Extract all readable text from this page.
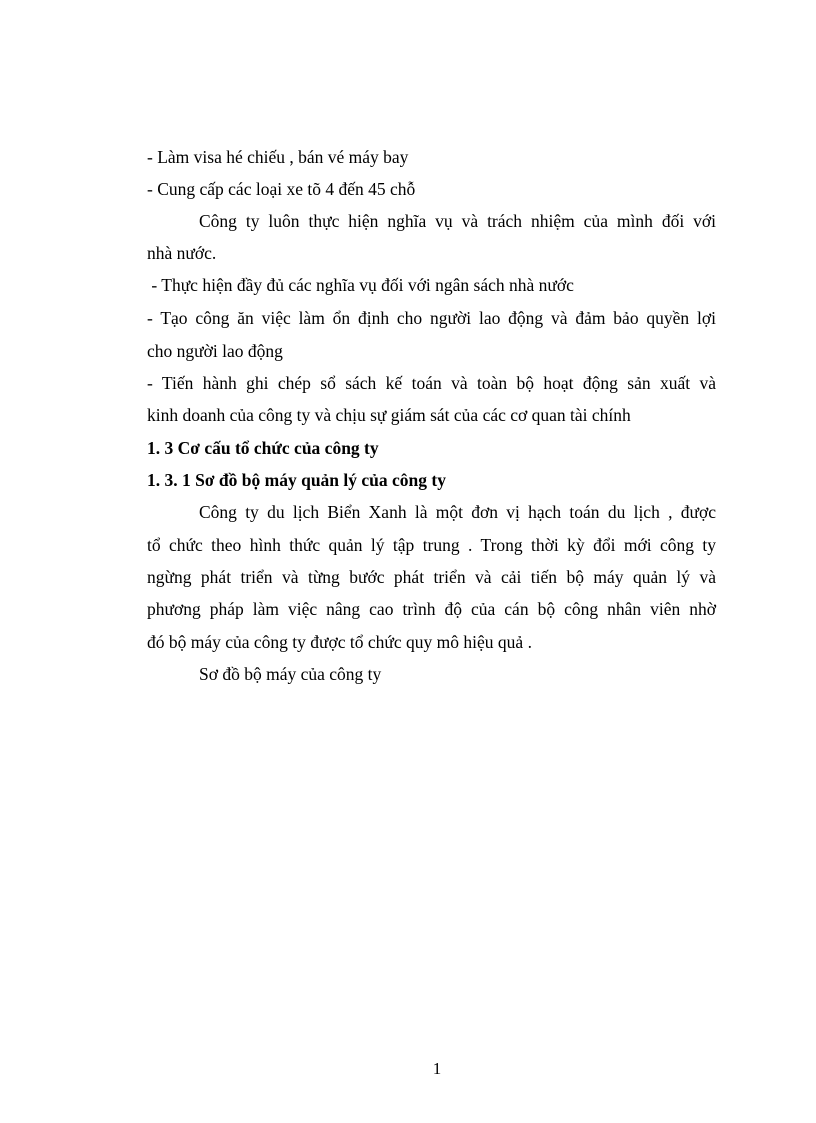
- Làm visa hé chiếu , bán vé máy bay
- Cung cấp các loại xe tõ 4 đến 45 chỗ
Công ty luôn thực hiện nghĩa vụ và trách nhiệm của mình đối với
nhà nước.
- Thực hiện đầy đủ các nghĩa vụ đối với ngân sách nhà nước
- Tạo công ăn việc làm ổn định cho người lao động và đảm bảo quyền lợi
cho người lao động
- Tiến hành ghi chép sổ sách kế toán và toàn bộ hoạt động sản xuất và
kinh doanh của công ty và chịu sự giám sát của các cơ quan tài chính
1. 3 Cơ cấu tổ chức của công ty
1. 3. 1 Sơ đồ bộ máy quản lý của công ty
Công ty du lịch Biển Xanh là một đơn vị hạch toán du lịch , được
tổ chức theo hình thức quản lý tập trung . Trong thời kỳ đổi mới công ty
ngừng phát triển và từng bước phát triển và cải tiến bộ máy quản lý và
phương pháp làm việc nâng cao trình độ của cán bộ công nhân viên nhờ
đó bộ máy của công ty được tổ chức quy mô hiệu quả .
Sơ đồ bộ máy của công ty
1
